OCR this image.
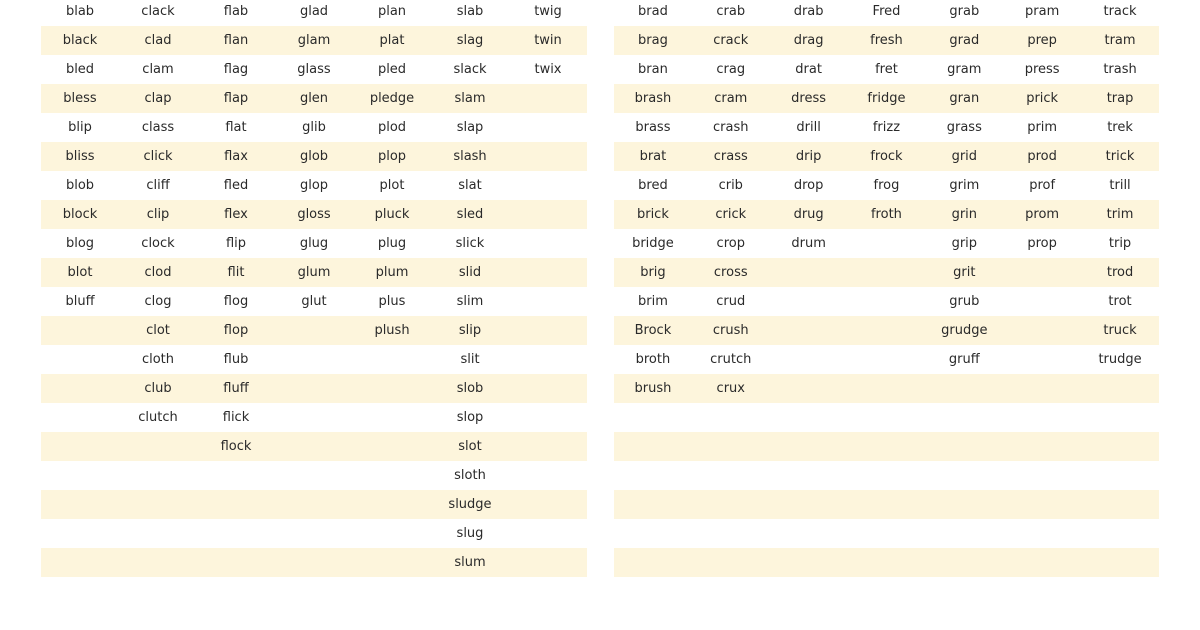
blab	clack	flab	glad	plan	slab	twig
black	clad	flan	glam	plat	slag	twin
bled	clam	flag	glass	pled	slack	twix
bless	clap	flap	glen	pledge	slam	
blip	class	flat	glib	plod	slap	
bliss	click	flax	glob	plop	slash	
blob	cliff	fled	glop	plot	slat	
block	clip	flex	gloss	pluck	sled	
blog	clock	flip	glug	plug	slick	
blot	clod	flit	glum	plum	slid	
bluff	clog	flog	glut	plus	slim	
	clot	flop		plush	slip	
	cloth	flub			slit	
	club	fluff			slob	
	clutch	flick			slop	
		flock			slot	
					sloth	
					sludge	
					slug	
					slum	
brad	crab	drab	Fred	grab	pram	track
brag	crack	drag	fresh	grad	prep	tram
bran	crag	drat	fret	gram	press	trash
brash	cram	dress	fridge	gran	prick	trap
brass	crash	drill	frizz	grass	prim	trek
brat	crass	drip	frock	grid	prod	trick
bred	crib	drop	frog	grim	prof	trill
brick	crick	drug	froth	grin	prom	trim
bridge	crop	drum		grip	prop	trip
brig	cross			grit		trod
brim	crud			grub		trot
Brock	crush			grudge		truck
broth	crutch			gruff		trudge
brush	crux					
